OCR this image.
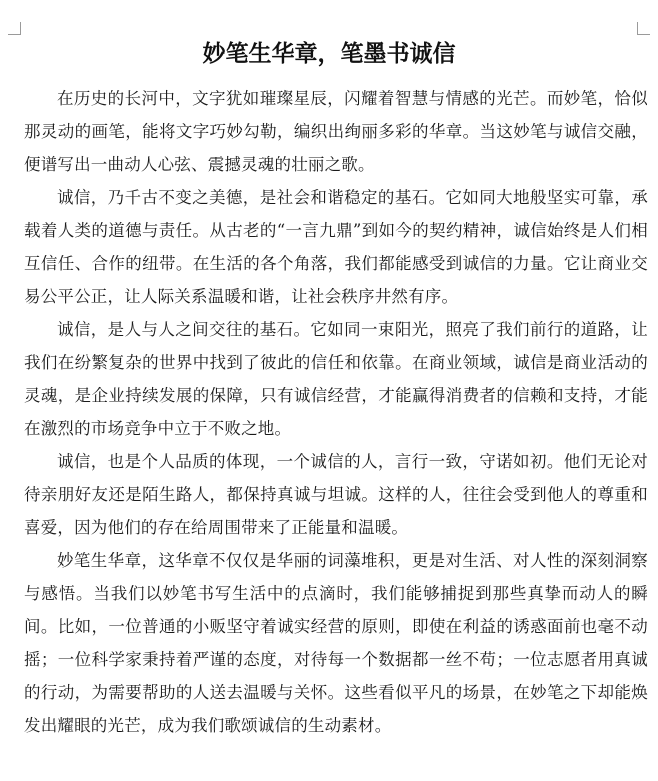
妙笔生华章，笔墨书诚信

在历史的长河中，文字犹如璀璨星辰，闪耀着智慧与情感的光芒。而妙笔，恰似那灵动的画笔，能将文字巧妙勾勒，编织出绚丽多彩的华章。当这妙笔与诚信交融，便谱写出一曲动人心弦、震撼灵魂的壮丽之歌。

诚信，乃千古不变之美德，是社会和谐稳定的基石。它如同大地般坚实可靠，承载着人类的道德与责任。从古老的“一言九鼎”到如今的契约精神，诚信始终是人们相互信任、合作的纽带。在生活的各个角落，我们都能感受到诚信的力量。它让商业交易公平公正，让人际关系温暖和谐，让社会秩序井然有序。

诚信，是人与人之间交往的基石。它如同一束阳光，照亮了我们前行的道路，让我们在纷繁复杂的世界中找到了彼此的信任和依靠。在商业领域，诚信是商业活动的灵魂，是企业持续发展的保障，只有诚信经营，才能赢得消费者的信赖和支持，才能在激烈的市场竞争中立于不败之地。

诚信，也是个人品质的体现，一个诚信的人，言行一致，守诺如初。他们无论对待亲朋好友还是陌生路人，都保持真诚与坦诚。这样的人，往往会受到他人的尊重和喜爱，因为他们的存在给周围带来了正能量和温暖。

妙笔生华章，这华章不仅仅是华丽的词藻堆积，更是对生活、对人性的深刻洞察与感悟。当我们以妙笔书写生活中的点滴时，我们能够捕捉到那些真挚而动人的瞬间。比如，一位普通的小贩坚守着诚实经营的原则，即使在利益的诱惑面前也毫不动摇；一位科学家秉持着严谨的态度，对待每一个数据都一丝不苟；一位志愿者用真诚的行动，为需要帮助的人送去温暖与关怀。这些看似平凡的场景，在妙笔之下却能焕发出耀眼的光芒，成为我们歌颂诚信的生动素材。
